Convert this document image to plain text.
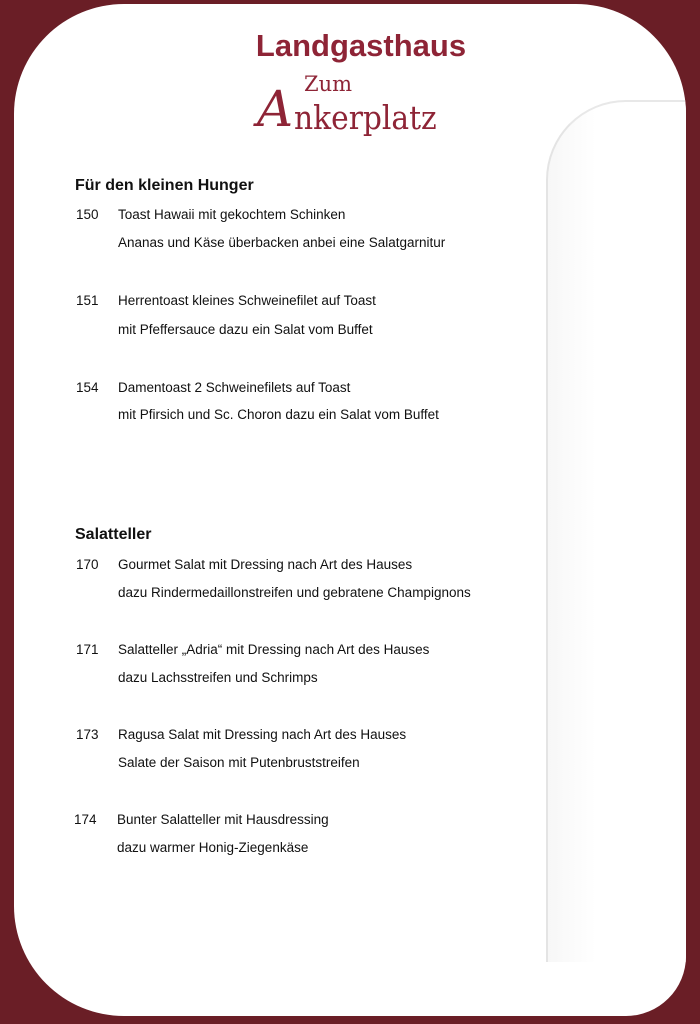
Landgasthaus
Zum
A nkerplatz
Für den kleinen Hunger
150 Toast Hawaii mit gekochtem Schinken
Ananas und Käse überbacken anbei eine Salatgarnitur
151 Herrentoast kleines Schweinefilet auf Toast
mit Pfeffersauce dazu ein Salat vom Buffet
154 Damentoast 2 Schweinefilets auf Toast
mit Pfirsich und Sc. Choron dazu ein Salat vom Buffet
Salatteller
170 Gourmet Salat mit Dressing nach Art des Hauses
dazu Rindermedaillonstreifen und gebratene Champignons
171 Salatteller „Adria“ mit Dressing nach Art des Hauses
dazu Lachsstreifen und Schrimps
173 Ragusa Salat mit Dressing nach Art des Hauses
Salate der Saison mit Putenbruststreifen
174 Bunter Salatteller mit Hausdressing
dazu warmer Honig-Ziegenkäse
